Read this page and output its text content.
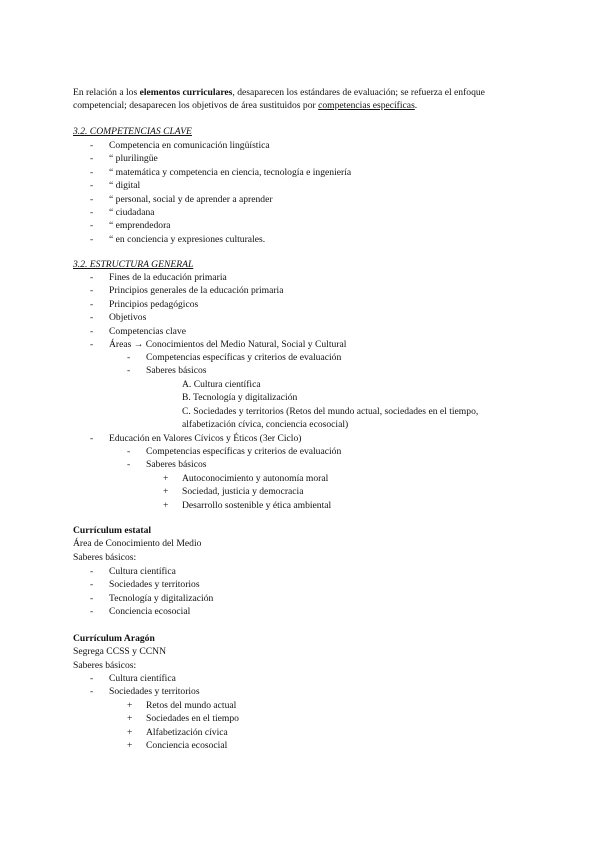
En relación a los elementos curriculares, desaparecen los estándares de evaluación; se refuerza el enfoque competencial; desaparecen los objetivos de área sustituidos por competencias específicas.

3.2. COMPETENCIAS CLAVE
-	Competencia en comunicación lingüística
-	“ plurilingüe
-	“ matemática y competencia en ciencia, tecnología e ingeniería
-	“ digital
-	“ personal, social y de aprender a aprender
-	“ ciudadana
-	“ emprendedora
-	“ en conciencia y expresiones culturales.
3.2. ESTRUCTURA GENERAL
-	Fines de la educación primaria
-	Principios generales de la educación primaria
-	Principios pedagógicos
-	Objetivos
-	Competencias clave
-	Áreas → Conocimientos del Medio Natural, Social y Cultural
-	Competencias específicas y criterios de evaluación
-	Saberes básicos

A. Cultura científica

B. Tecnología y digitalización

C. Sociedades y territorios (Retos del mundo actual, sociedades en el tiempo, alfabetización cívica, conciencia ecosocial)

-	Educación en Valores Cívicos y Éticos (3er Ciclo)
-	Competencias específicas y criterios de evaluación
-	Saberes básicos
+	Autoconocimiento y autonomía moral
+	Sociedad, justicia y democracia
+	Desarrollo sostenible y ética ambiental

Currículum estatal

Área de Conocimiento del Medio

Saberes básicos:

-	Cultura científica
-	Sociedades y territorios
-	Tecnología y digitalización
-	Conciencia ecosocial

Currículum Aragón

Segrega CCSS y CCNN

Saberes básicos:

-	Cultura científica
-	Sociedades y territorios
+	Retos del mundo actual
+	Sociedades en el tiempo
+	Alfabetización cívica
+	Conciencia ecosocial
